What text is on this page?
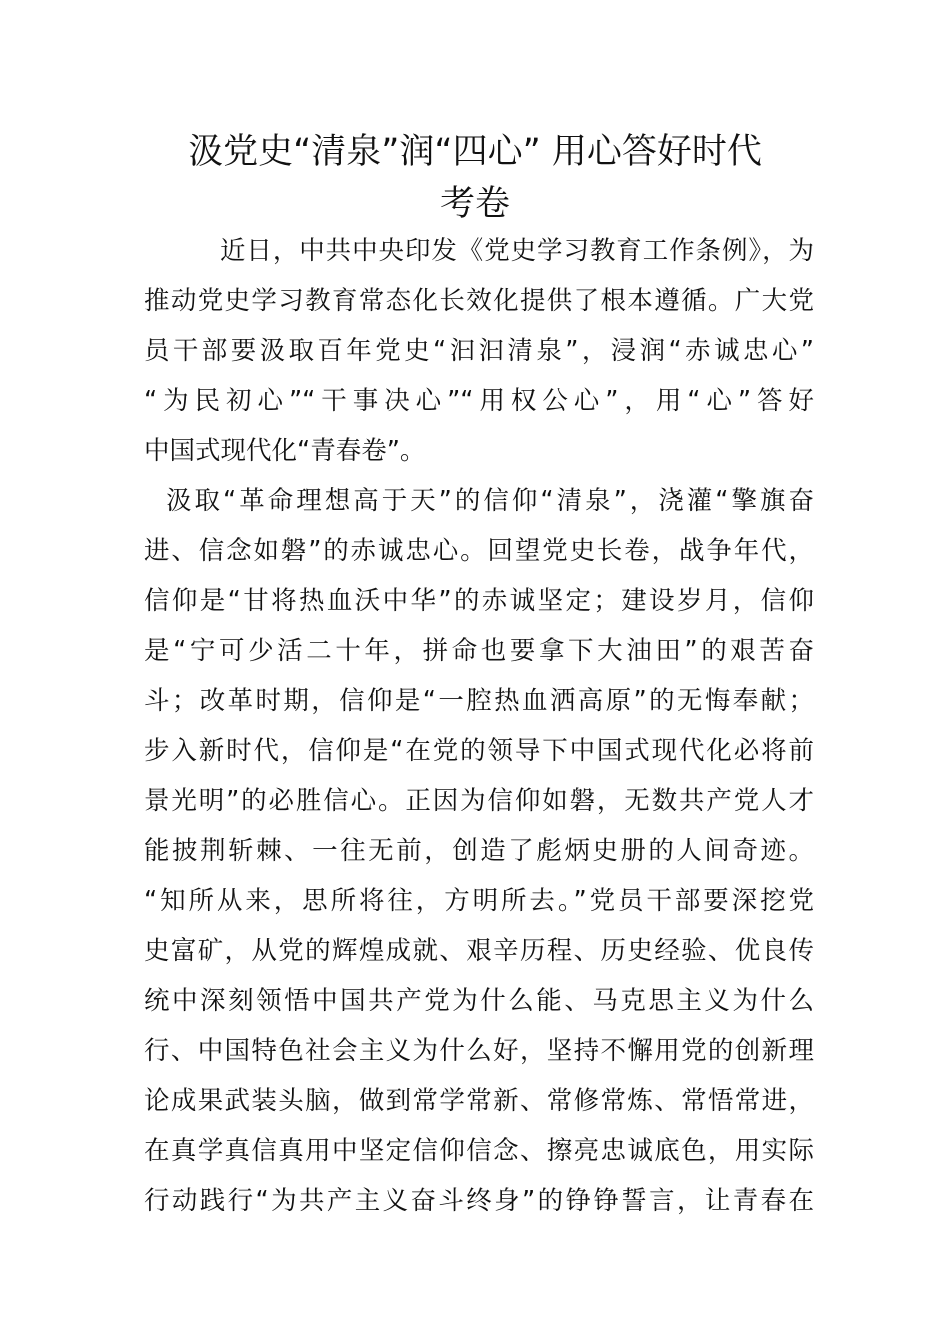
汲党史“清泉”润“四心” 用心答好时代
考卷
近日，中共中央印发《党史学习教育工作条例》，为
推动党史学习教育常态化长效化提供了根本遵循。广大党
员干部要汲取百年党史“汩汩清泉”，浸润“赤诚忠心”
“为民初心”“干事决心”“用权公心”，用“心”答好
中国式现代化“青春卷”。
汲取“革命理想高于天”的信仰“清泉”，浇灌“擎旗奋
进、信念如磐”的赤诚忠心。回望党史长卷，战争年代，
信仰是“甘将热血沃中华”的赤诚坚定；建设岁月，信仰
是“宁可少活二十年，拼命也要拿下大油田”的艰苦奋
斗；改革时期，信仰是“一腔热血洒高原”的无悔奉献；
步入新时代，信仰是“在党的领导下中国式现代化必将前
景光明”的必胜信心。正因为信仰如磐，无数共产党人才
能披荆斩棘、一往无前，创造了彪炳史册的人间奇迹。
“知所从来，思所将往，方明所去。”党员干部要深挖党
史富矿，从党的辉煌成就、艰辛历程、历史经验、优良传
统中深刻领悟中国共产党为什么能、马克思主义为什么
行、中国特色社会主义为什么好，坚持不懈用党的创新理
论成果武装头脑，做到常学常新、常修常炼、常悟常进，
在真学真信真用中坚定信仰信念、擦亮忠诚底色，用实际
行动践行“为共产主义奋斗终身”的铮铮誓言，让青春在
